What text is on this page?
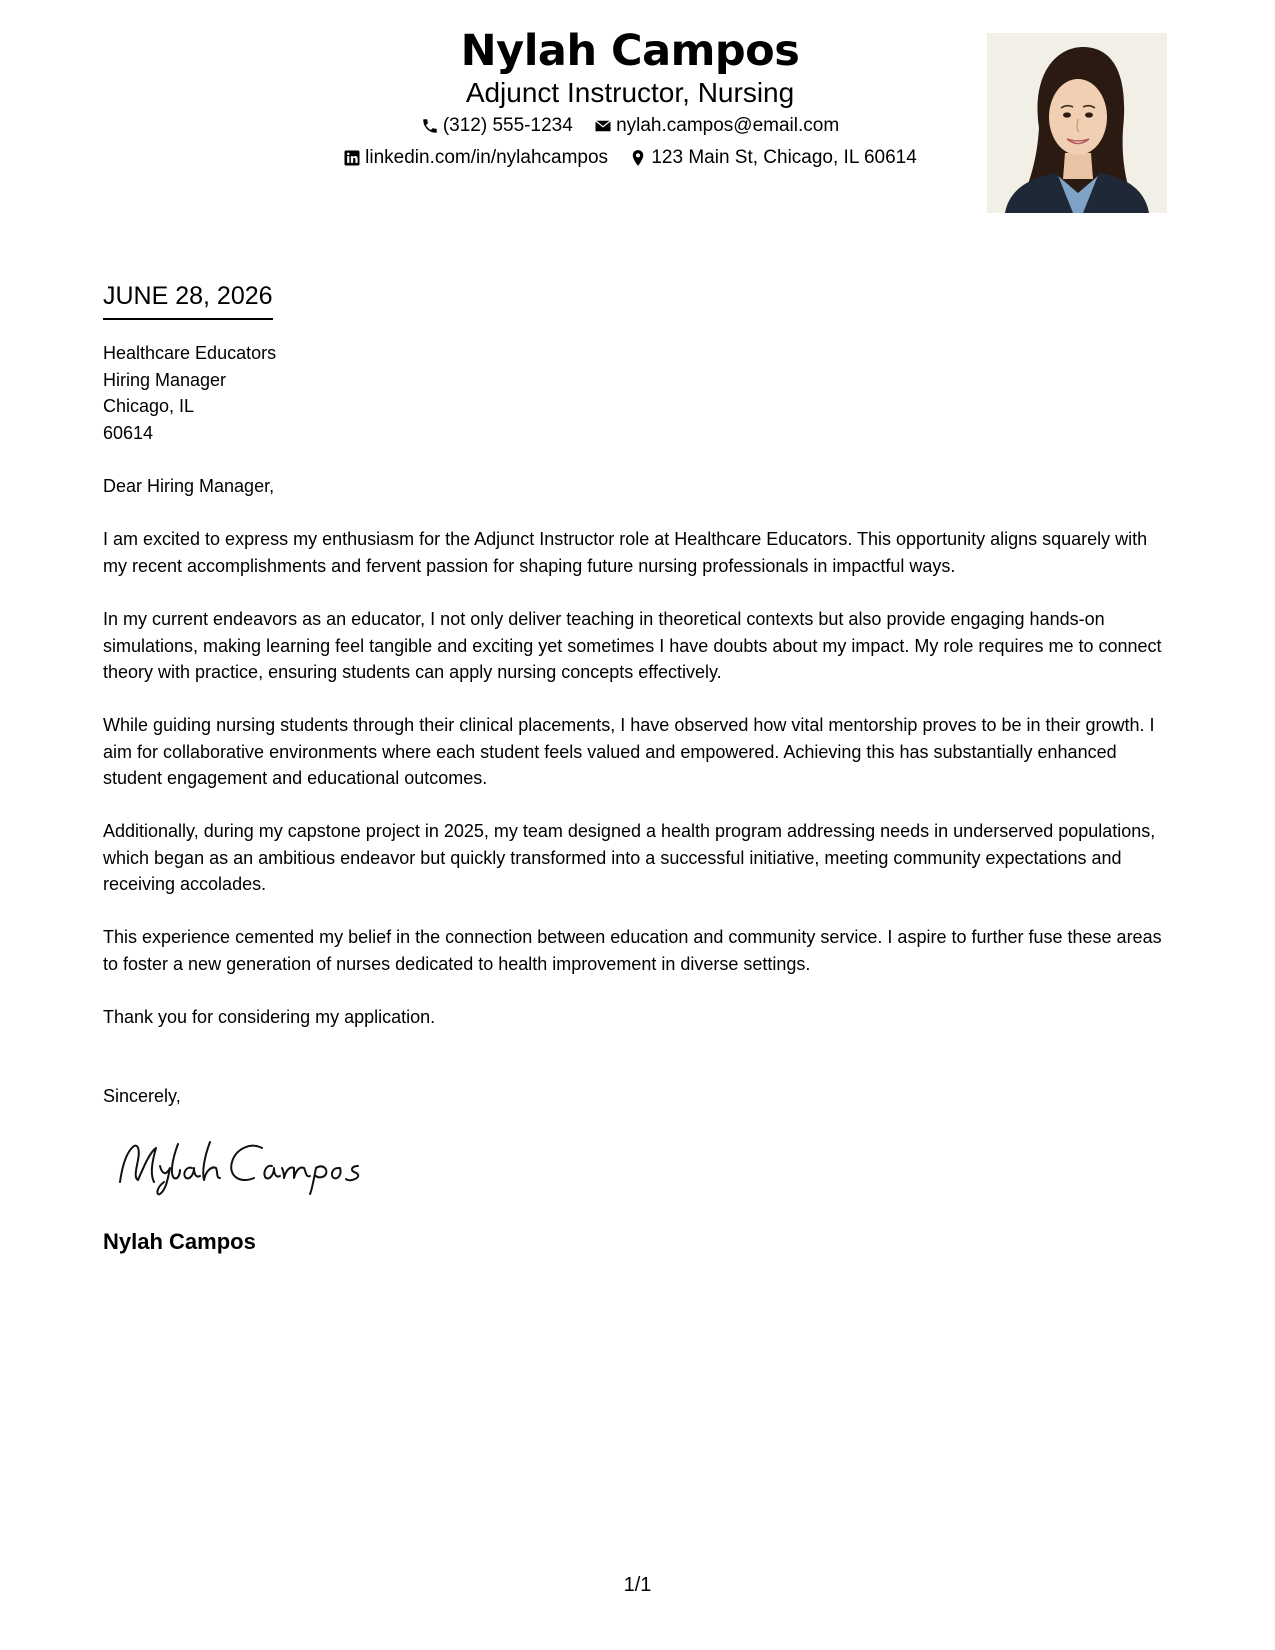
Nylah Campos
Adjunct Instructor, Nursing
(312) 555-1234
nylah.campos@email.com
linkedin.com/in/nylahcampos
123 Main St, Chicago, IL 60614
JUNE 28, 2026
Healthcare Educators
Hiring Manager
Chicago, IL
60614
Dear Hiring Manager,
I am excited to express my enthusiasm for the Adjunct Instructor role at Healthcare Educators. This opportunity aligns squarely with my recent accomplishments and fervent passion for shaping future nursing professionals in impactful ways.
In my current endeavors as an educator, I not only deliver teaching in theoretical contexts but also provide engaging hands-on simulations, making learning feel tangible and exciting yet sometimes I have doubts about my impact. My role requires me to connect theory with practice, ensuring students can apply nursing concepts effectively.
While guiding nursing students through their clinical placements, I have observed how vital mentorship proves to be in their growth. I aim for collaborative environments where each student feels valued and empowered. Achieving this has substantially enhanced student engagement and educational outcomes.
Additionally, during my capstone project in 2025, my team designed a health program addressing needs in underserved populations, which began as an ambitious endeavor but quickly transformed into a successful initiative, meeting community expectations and receiving accolades.
This experience cemented my belief in the connection between education and community service. I aspire to further fuse these areas to foster a new generation of nurses dedicated to health improvement in diverse settings.
Thank you for considering my application.
Sincerely,
Nylah Campos
1/1
